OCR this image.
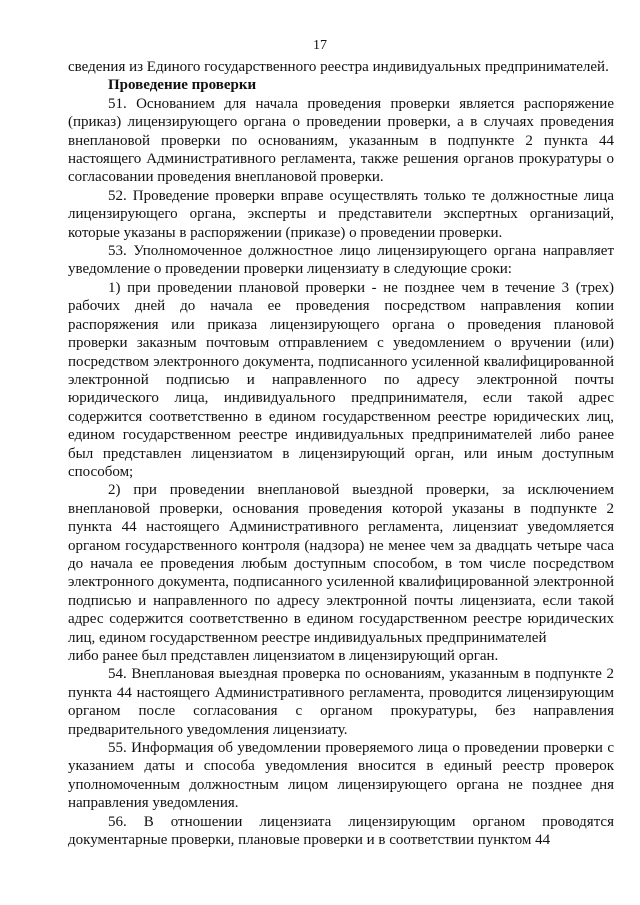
17

сведения из Единого государственного реестра индивидуальных предпринимателей.

Проведение проверки

51. Основанием для начала проведения проверки является распоряжение (приказ) лицензирующего органа о проведении проверки, а в случаях проведения внеплановой проверки по основаниям, указанным в подпункте 2 пункта 44 настоящего Административного регламента, также решения органов прокуратуры о согласовании проведения внеплановой проверки.

52. Проведение проверки вправе осуществлять только те должностные лица лицензирующего органа, эксперты и представители экспертных организаций, которые указаны в распоряжении (приказе) о проведении проверки.

53. Уполномоченное должностное лицо лицензирующего органа направляет уведомление о проведении проверки лицензиату в следующие сроки:

1) при проведении плановой проверки - не позднее чем в течение 3 (трех) рабочих дней до начала ее проведения посредством направления копии распоряжения или приказа лицензирующего органа о проведения плановой проверки заказным почтовым отправлением с уведомлением о вручении (или) посредством электронного документа, подписанного усиленной квалифицированной электронной подписью и направленного по адресу электронной почты юридического лица, индивидуального предпринимателя, если такой адрес содержится соответственно в едином государственном реестре юридических лиц, едином государственном реестре индивидуальных предпринимателей либо ранее был представлен лицензиатом в лицензирующий орган, или иным доступным способом;

2) при проведении внеплановой выездной проверки, за исключением внеплановой проверки, основания проведения которой указаны в подпункте 2 пункта 44 настоящего Административного регламента, лицензиат уведомляется органом государственного контроля (надзора) не менее чем за двадцать четыре часа до начала ее проведения любым доступным способом, в том числе посредством электронного документа, подписанного усиленной квалифицированной электронной подписью и направленного по адресу электронной почты лицензиата, если такой адрес содержится соответственно в едином государственном реестре юридических лиц, едином государственном реестре индивидуальных предпринимателей

либо ранее был представлен лицензиатом в лицензирующий орган.

54. Внеплановая выездная проверка по основаниям, указанным в подпункте 2 пункта 44 настоящего Административного регламента, проводится лицензирующим органом после согласования с органом прокуратуры, без направления предварительного уведомления лицензиату.

55. Информация об уведомлении проверяемого лица о проведении проверки с указанием даты и способа уведомления вносится в единый реестр проверок уполномоченным должностным лицом лицензирующего органа не позднее дня направления уведомления.

56. В отношении лицензиата лицензирующим органом проводятся документарные проверки, плановые проверки и в соответствии пунктом 44
